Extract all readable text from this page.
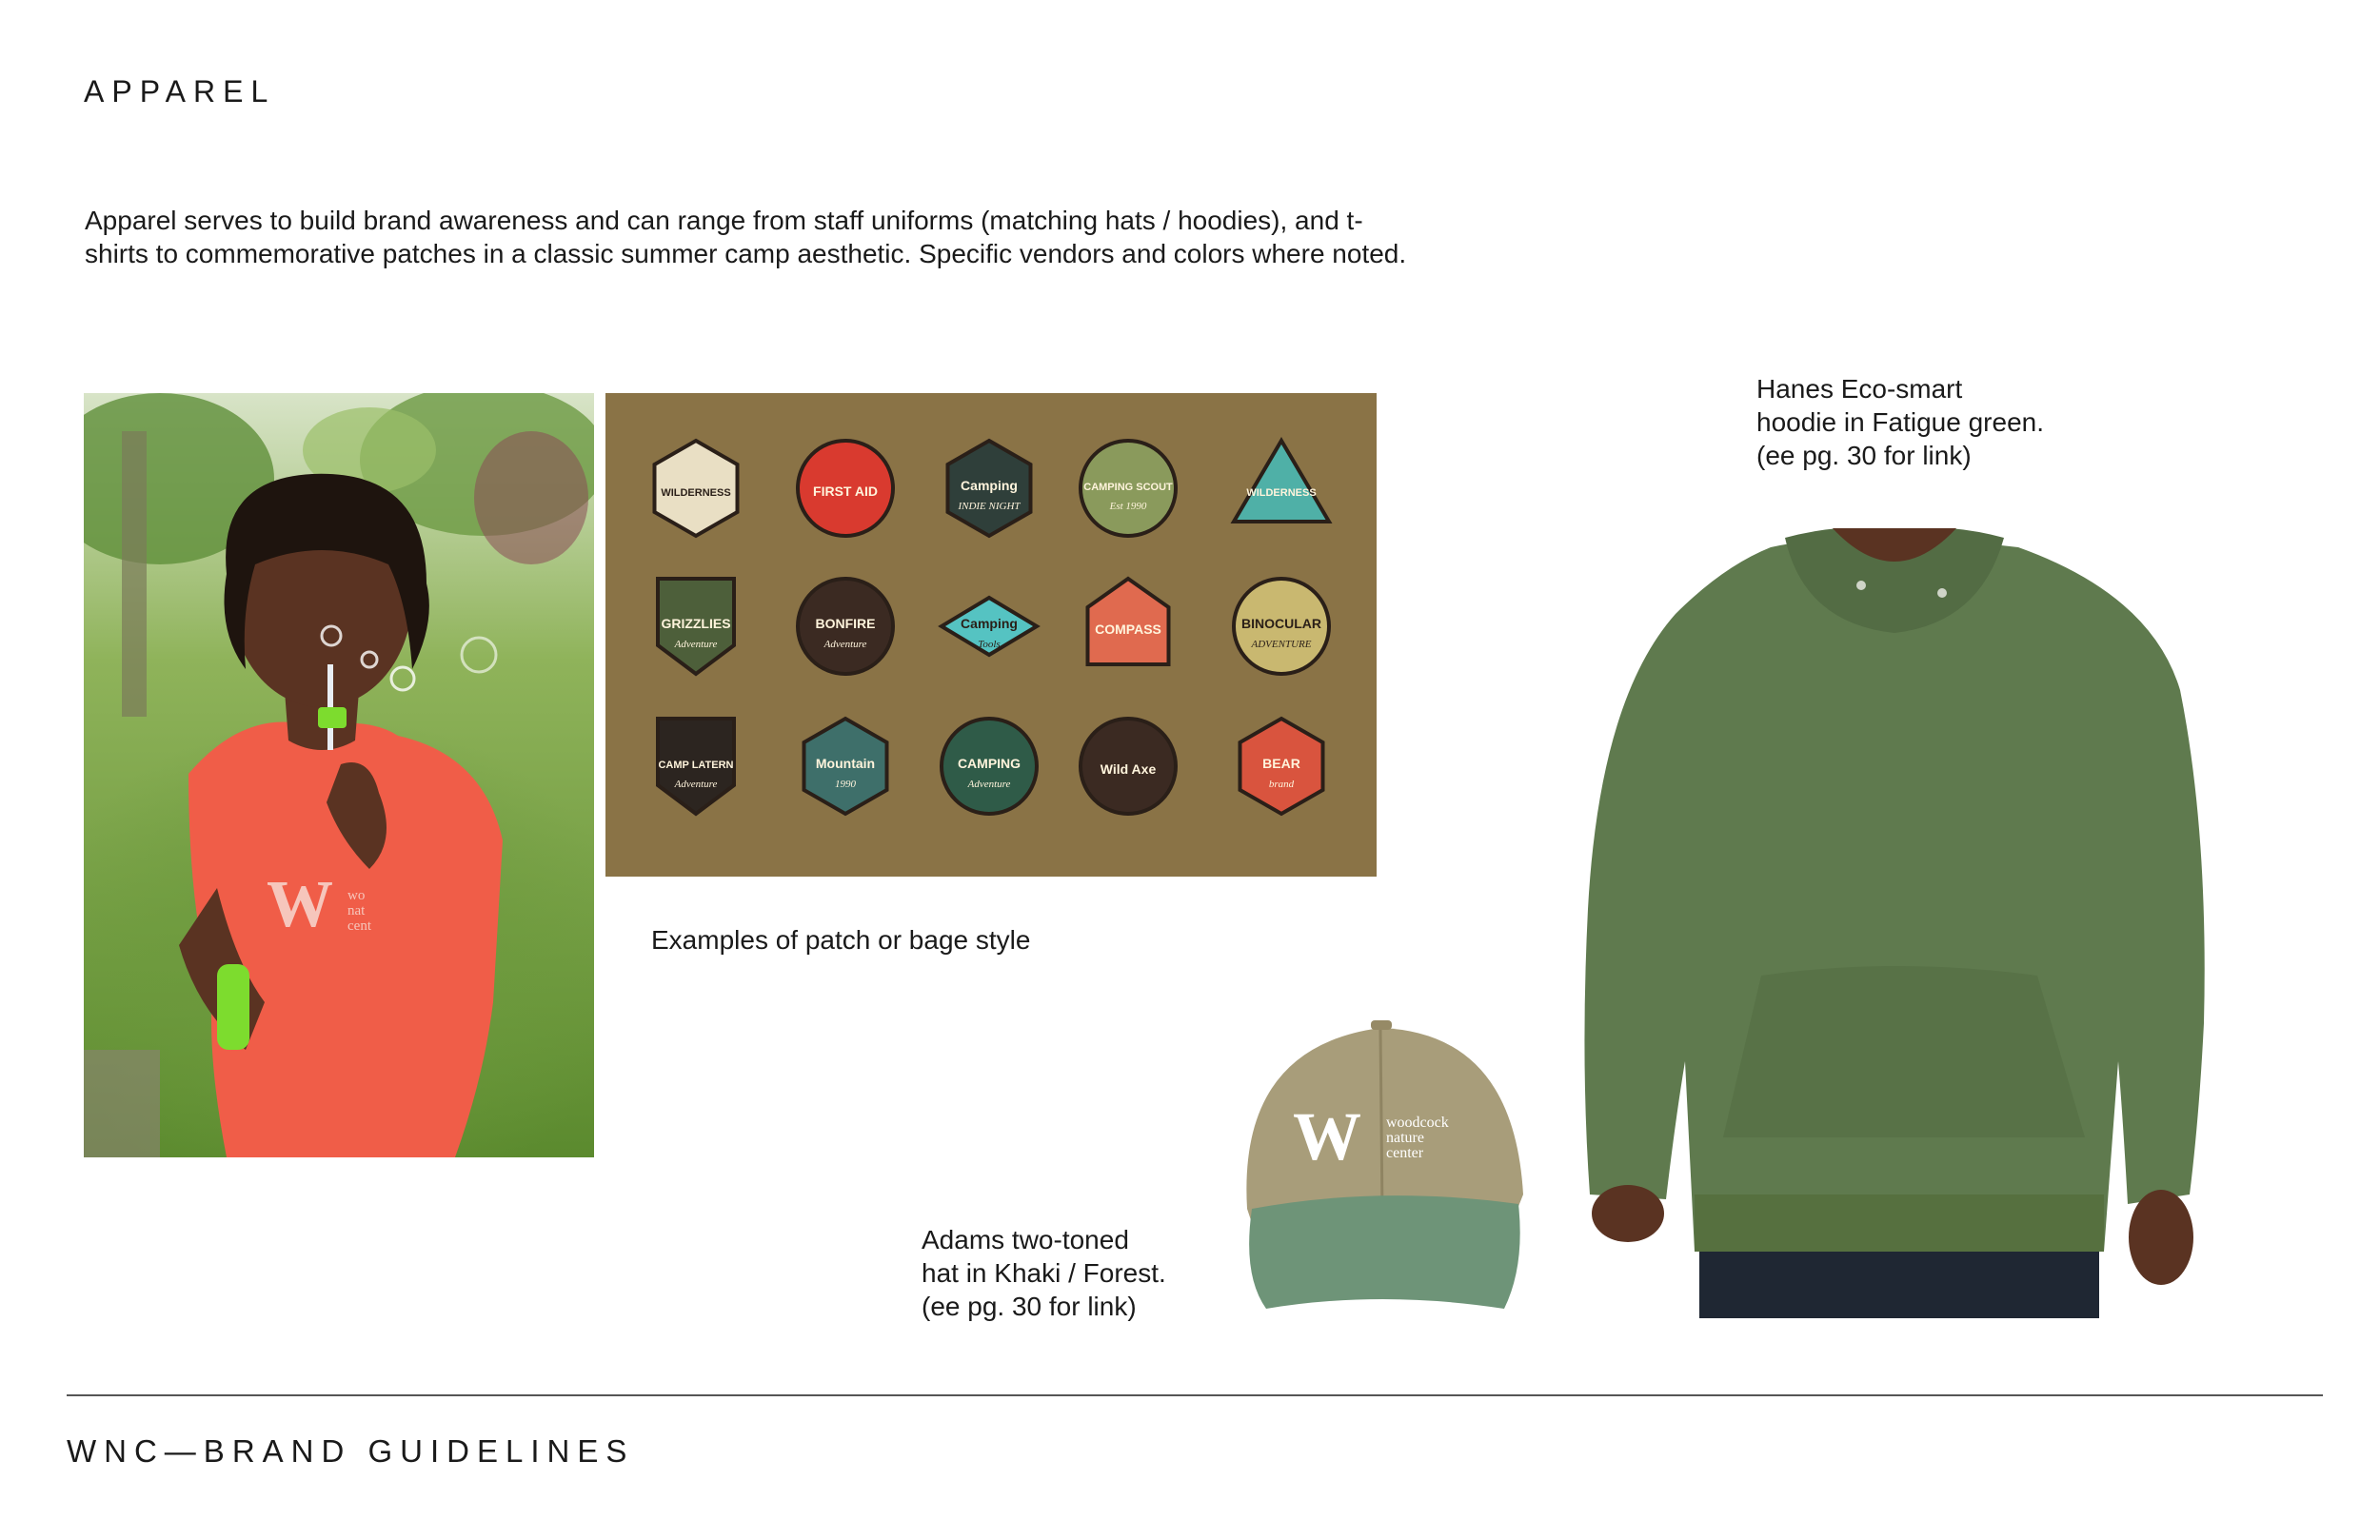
APPAREL
Apparel serves to build brand awareness and can range from staff uniforms (matching hats / hoodies), and t-shirts to commemorative patches in a classic summer camp aesthetic. Specific vendors and colors where noted.
W wo
nat
cent
WILDERNESS	FIRST AID	Camping
INDIE NIGHT
CAMPING SCOUT
Est 1990
WILDERNESS
GRIZZLIES
Adventure
BONFIRE
Adventure
Camping
Tools
COMPASS	BINOCULAR
ADVENTURE
CAMP LATERN
Adventure
Mountain
1990
CAMPING
Adventure
Wild Axe	BEAR
brand
Examples of patch or bage style
W woodcock
nature
center
Adams two-toned
hat in Khaki / Forest.
(ee pg. 30 for link)
Hanes Eco-smart
hoodie in Fatigue green.
(ee pg. 30 for link)
WNC—BRAND GUIDELINES
